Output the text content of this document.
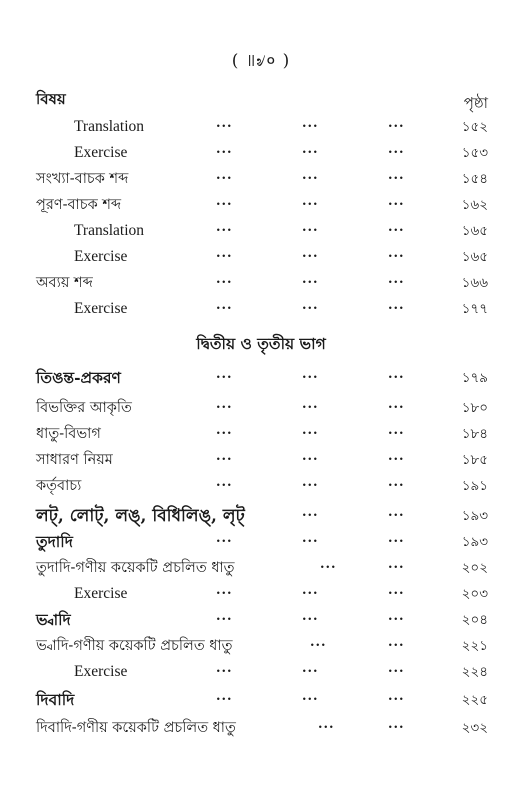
( ॥৶० )
বিষয়	পৃষ্ঠা
Translation	...	...	...	১৫২
Exercise	...	...	...	১৫৩
সংখ্যা-বাচক শব্দ	...	...	...	১৫৪
পূরণ-বাচক শব্দ	...	...	...	১৬২
Translation	...	...	...	১৬৫
Exercise	...	...	...	১৬৫
অব্যয় শব্দ	...	...	...	১৬৬
Exercise	...	...	...	১৭৭
দ্বিতীয় ও তৃতীয় ভাগ
তিঙন্ত-প্রকরণ	...	...	...	১৭৯
বিভক্তির আকৃতি	...	...	...	১৮০
ধাতু-বিভাগ	...	...	...	১৮৪
সাধারণ নিয়ম	...	...	...	১৮৫
কর্তৃবাচ্য	...	...	...	১৯১
লট্, লোট্, লঙ্, বিধিলিঙ্, লৃট্	...	...	১৯৩
তুদাদি	...	...	...	১৯৩
তুদাদি-গণীয় কয়েকটি প্রচলিত ধাতু	...	...	২০২
Exercise	...	...	...	২০৩
ভ্বাদি	...	...	...	২০৪
ভ্বাদি-গণীয় কয়েকটি প্রচলিত ধাতু	...	...	২২১
Exercise	...	...	...	২২৪
দিবাদি	...	...	...	২২৫
দিবাদি-গণীয় কয়েকটি প্রচলিত ধাতু	...	...	২৩২
